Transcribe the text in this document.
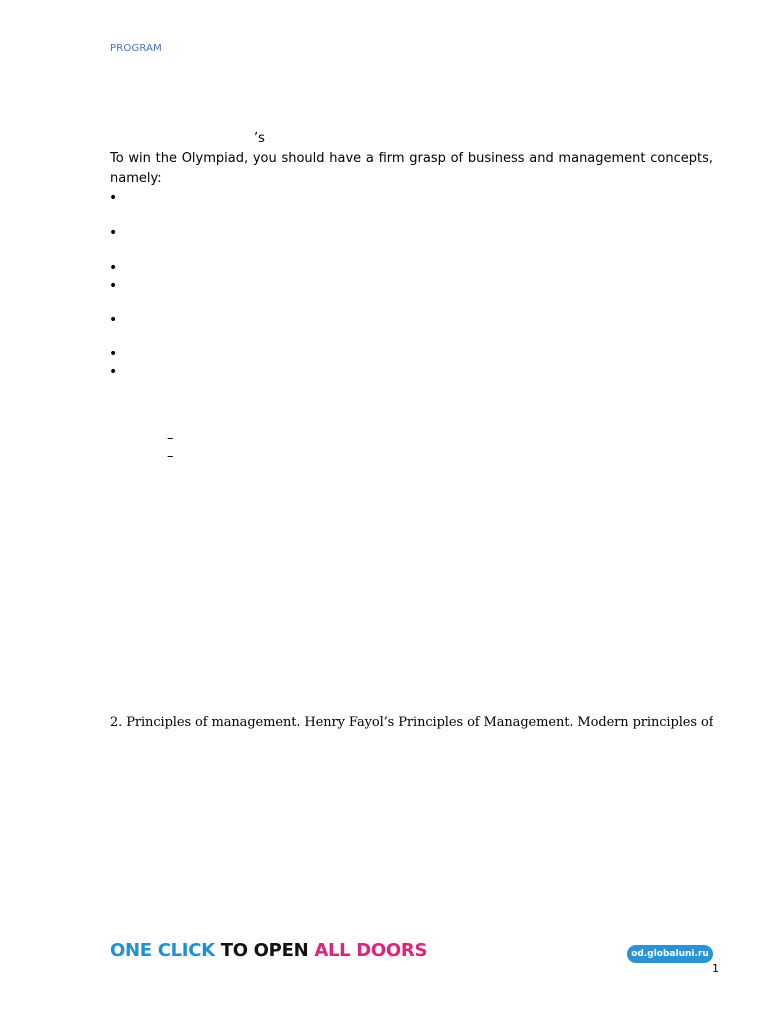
PROGRAM
’s
To win the Olympiad, you should have a firm grasp of business and management concepts, namely:
•
•
•
•
•
•
•
–
–
2. Principles of management. Henry Fayol’s Principles of Management. Modern principles of
ONE CLICK TO OPEN ALL DOORS	od.globaluni.ru
1
